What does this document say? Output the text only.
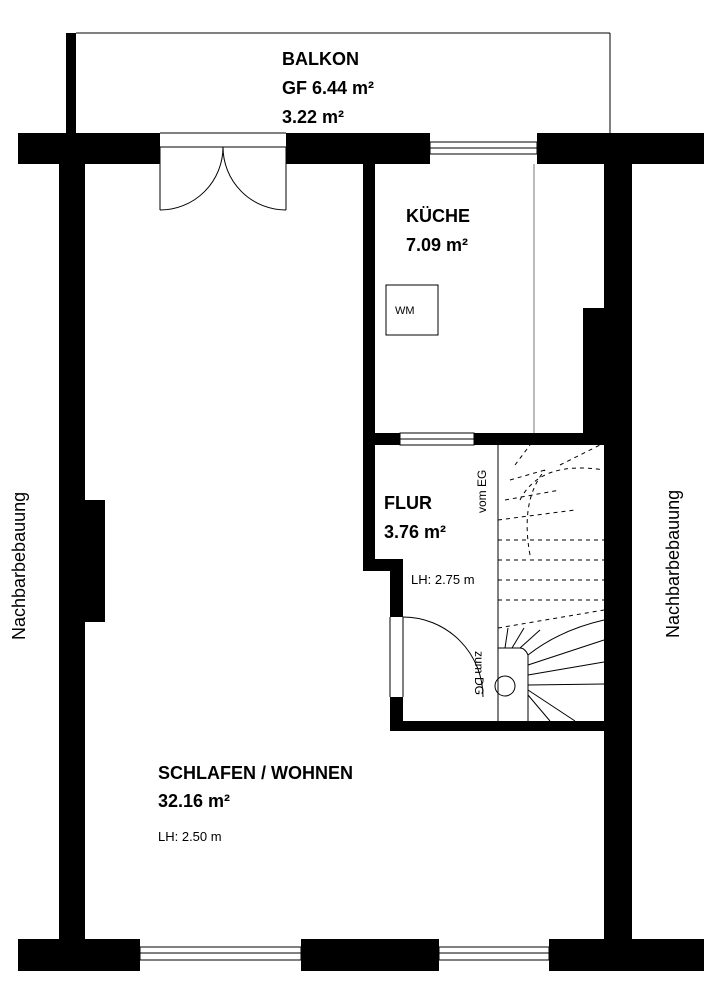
BALKON
GF 6.44 m²
3.22 m²
KÜCHE
7.09 m²
WM
FLUR
3.76 m²
LH: 2.75 m
SCHLAFEN / WOHNEN
32.16 m²
LH: 2.50 m
vom EG
zum DG
Nachbarbebauung	Nachbarbebauung
